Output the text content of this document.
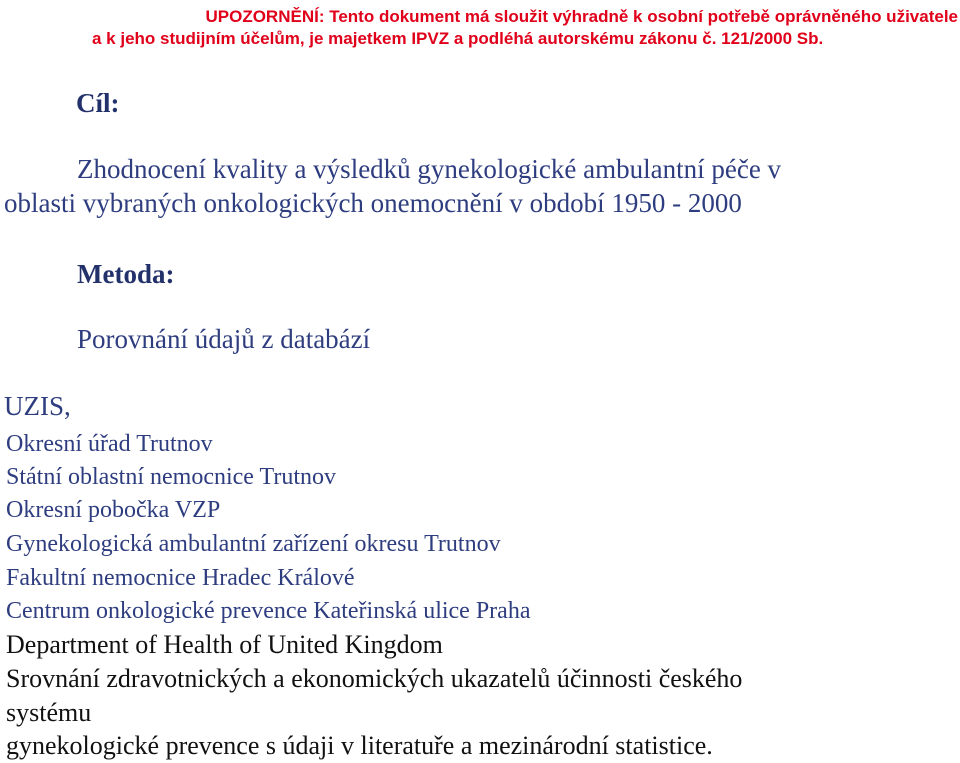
UPOZORNĚNÍ: Tento dokument má sloužit výhradně k osobní potřebě oprávněného uživatele
a k jeho studijním účelům, je majetkem IPVZ a podléhá autorskému zákonu č. 121/2000 Sb.
Cíl:
Zhodnocení kvality a výsledků gynekologické ambulantní péče v
oblasti vybraných onkologických onemocnění v období 1950 - 2000
Metoda:
Porovnání údajů z databází
UZIS,
Okresní úřad Trutnov
Státní oblastní nemocnice Trutnov
Okresní pobočka VZP
Gynekologická ambulantní zařízení okresu Trutnov
Fakultní nemocnice Hradec Králové
Centrum onkologické prevence Kateřinská ulice Praha
Department of Health of United Kingdom
Srovnání zdravotnických a ekonomických ukazatelů účinnosti českého
systému
gynekologické prevence s údaji v literatuře a mezinárodní statistice.
